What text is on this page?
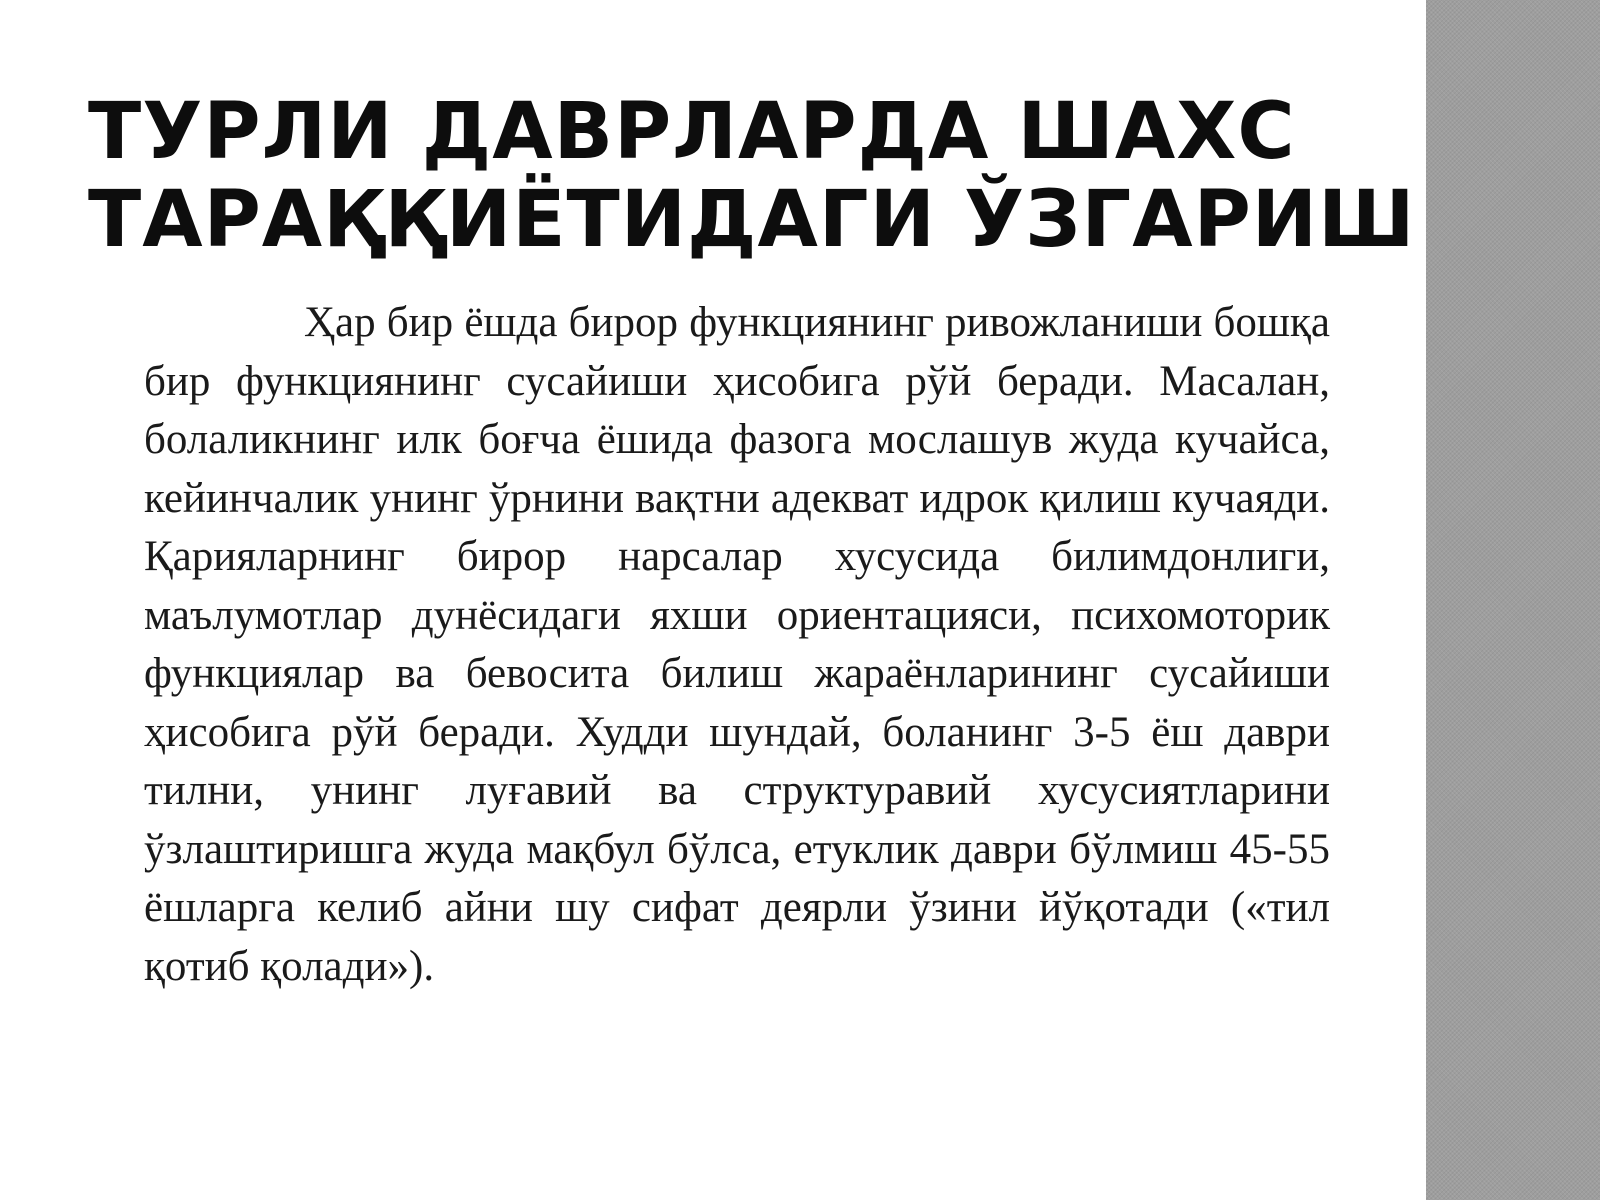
ТУРЛИ ДАВРЛАРДА ШАХС
ТАРАҚҚИЁТИДАГИ ЎЗГАРИШ

Ҳар бир ёшда бирор функциянинг ривожланиши бошқа бир функциянинг сусайиши ҳисобига рўй беради. Масалан, болаликнинг илк боғча ёшида фазога мослашув жуда кучайса, кейинчалик унинг ўрнини вақтни адекват идрок қилиш кучаяди. Қарияларнинг бирор нарсалар хусусида билимдонлиги, маълумотлар дунёсидаги яхши ориентацияси, психомоторик функциялар ва бевосита билиш жараёнларининг сусайиши ҳисобига рўй беради. Худди шундай, боланинг 3-5 ёш даври тилни, унинг луғавий ва структуравий хусусиятларини ўзлаштиришга жуда мақбул бўлса, етуклик даври бўлмиш 45-55 ёшларга келиб айни шу сифат деярли ўзини йўқотади («тил қотиб қолади»).
